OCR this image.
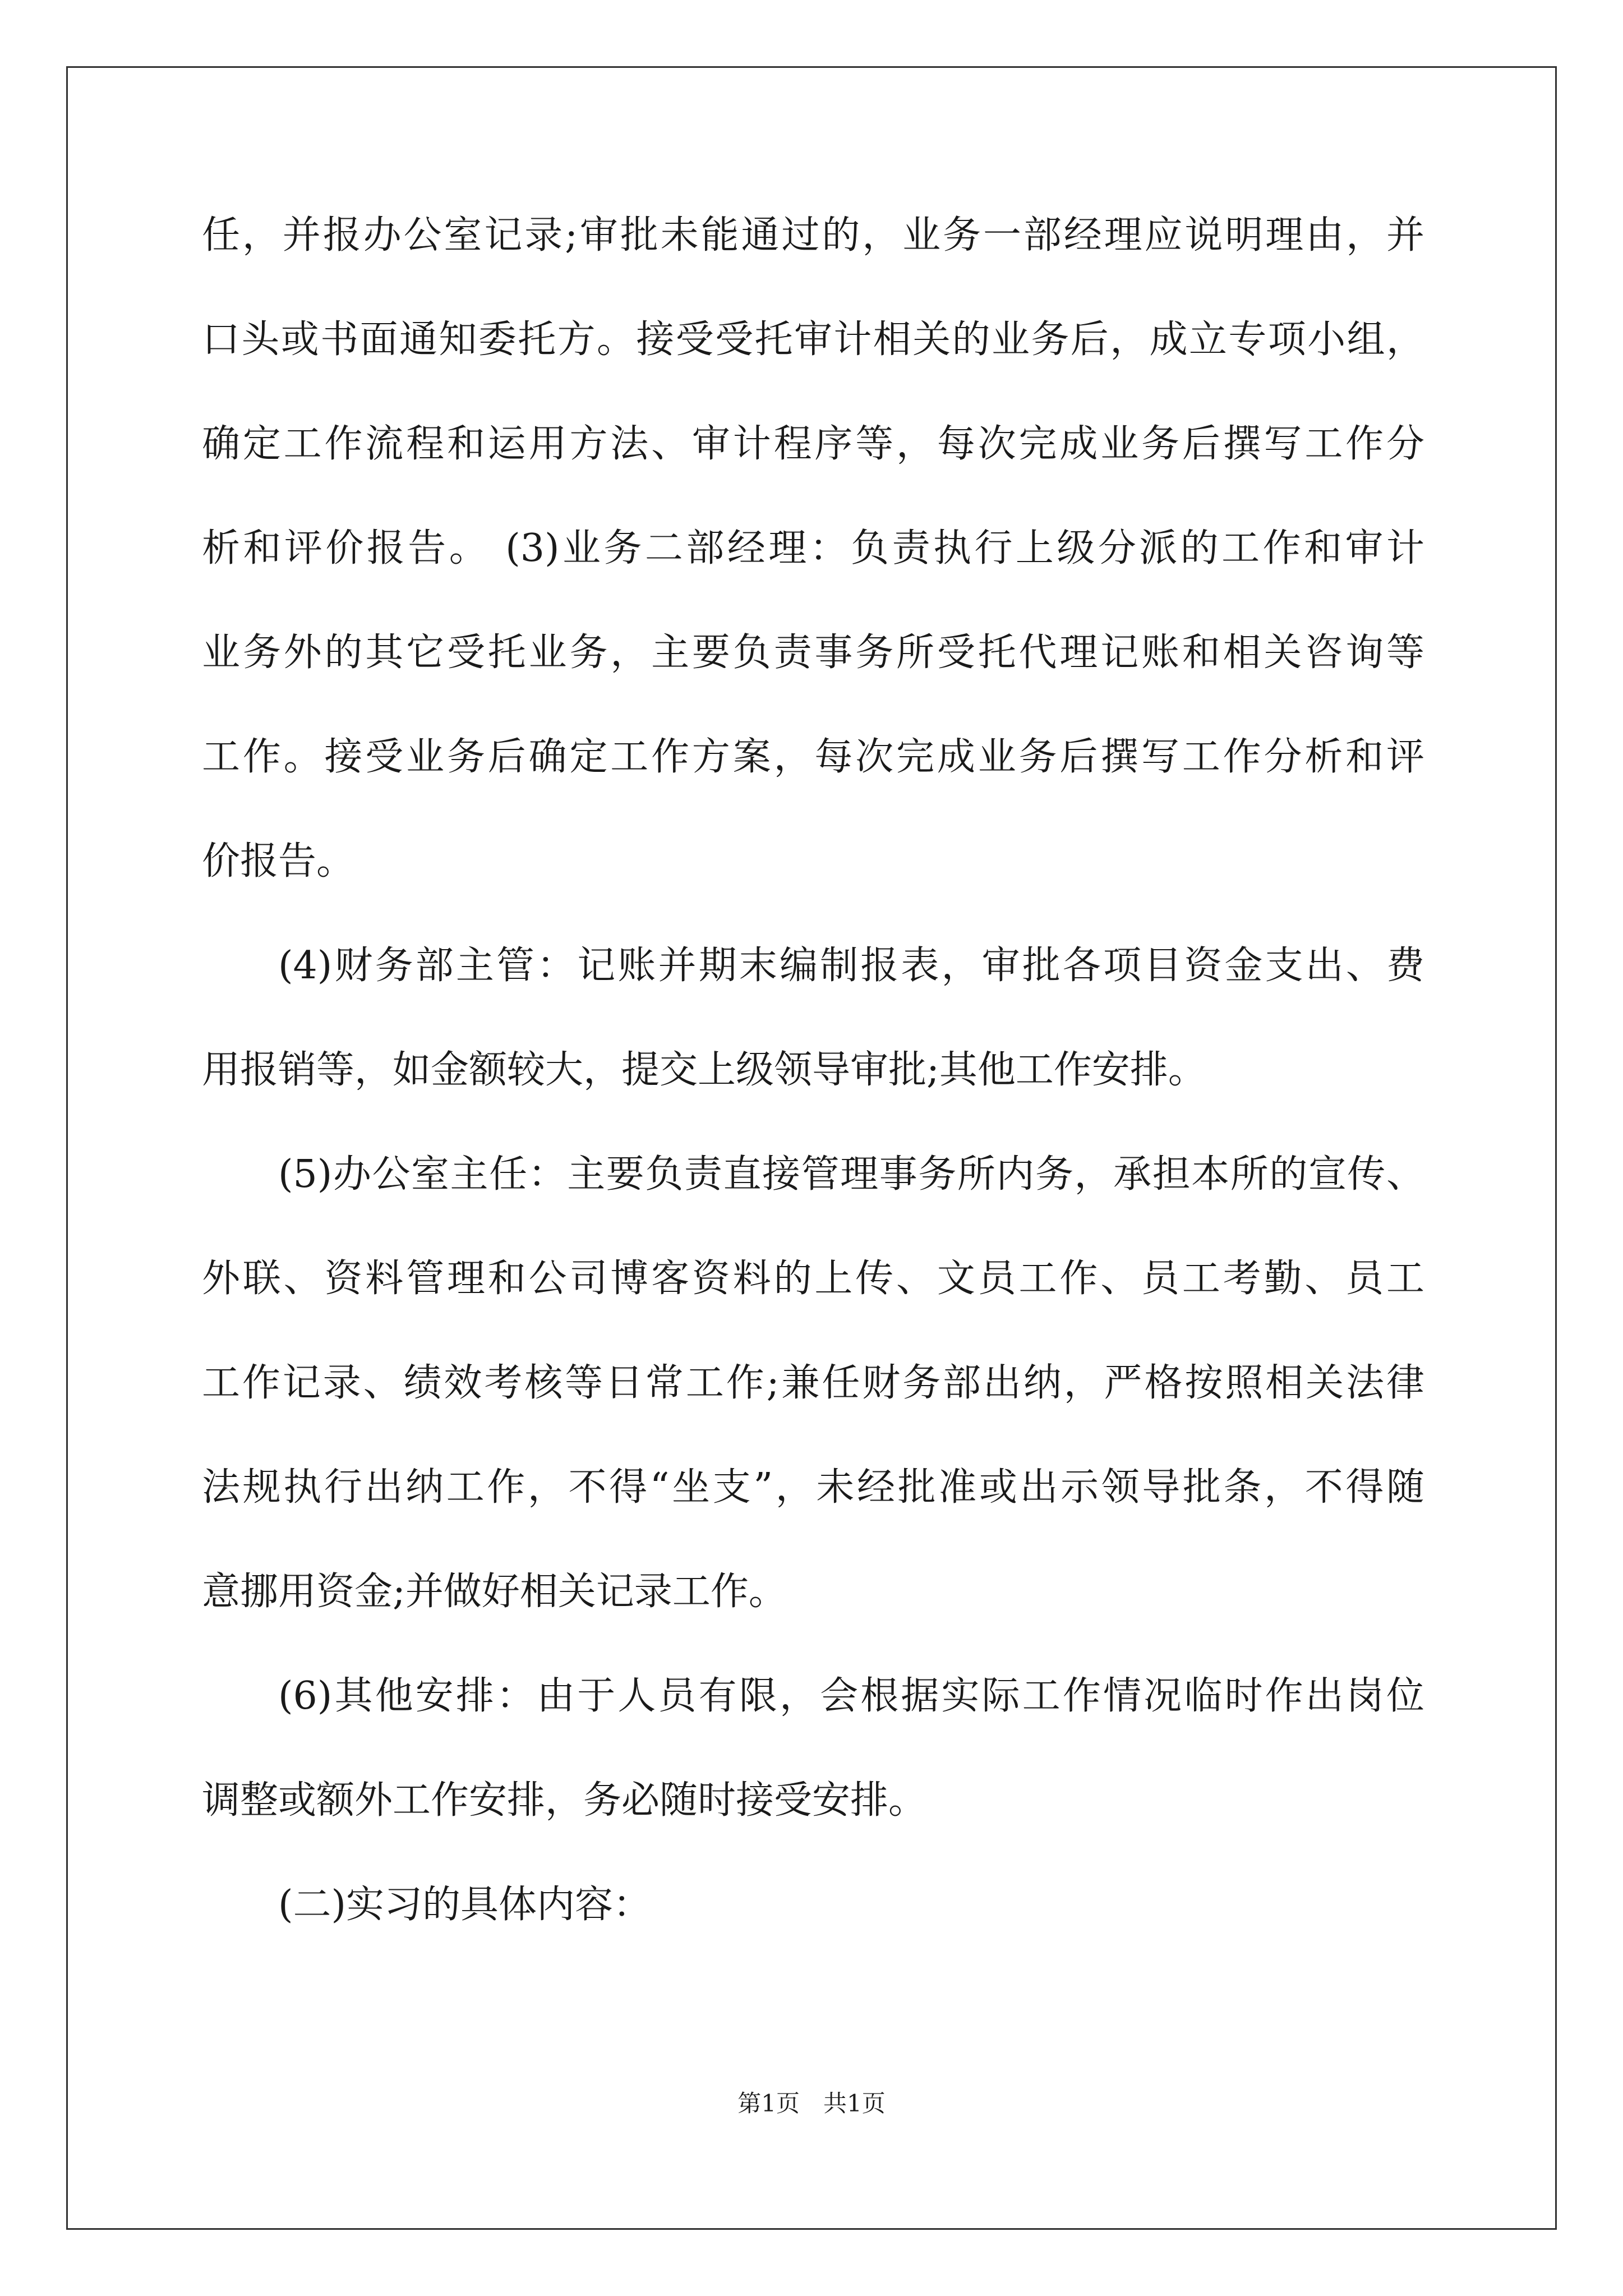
任，并报办公室记录;审批未能通过的，业务一部经理应说明理由，并
口头或书面通知委托方。接受受托审计相关的业务后，成立专项小组，
确定工作流程和运用方法、审计程序等，每次完成业务后撰写工作分
析和评价报告。 (3)业务二部经理：负责执行上级分派的工作和审计
业务外的其它受托业务，主要负责事务所受托代理记账和相关咨询等
工作。接受业务后确定工作方案，每次完成业务后撰写工作分析和评
价报告。
(4)财务部主管：记账并期末编制报表，审批各项目资金支出、费
用报销等，如金额较大，提交上级领导审批;其他工作安排。
(5)办公室主任：主要负责直接管理事务所内务，承担本所的宣传、
外联、资料管理和公司博客资料的上传、文员工作、员工考勤、员工
工作记录、绩效考核等日常工作;兼任财务部出纳，严格按照相关法律
法规执行出纳工作，不得“坐支”，未经批准或出示领导批条，不得随
意挪用资金;并做好相关记录工作。
(6)其他安排：由于人员有限，会根据实际工作情况临时作出岗位
调整或额外工作安排，务必随时接受安排。
(二)实习的具体内容：
第1页　共1页
